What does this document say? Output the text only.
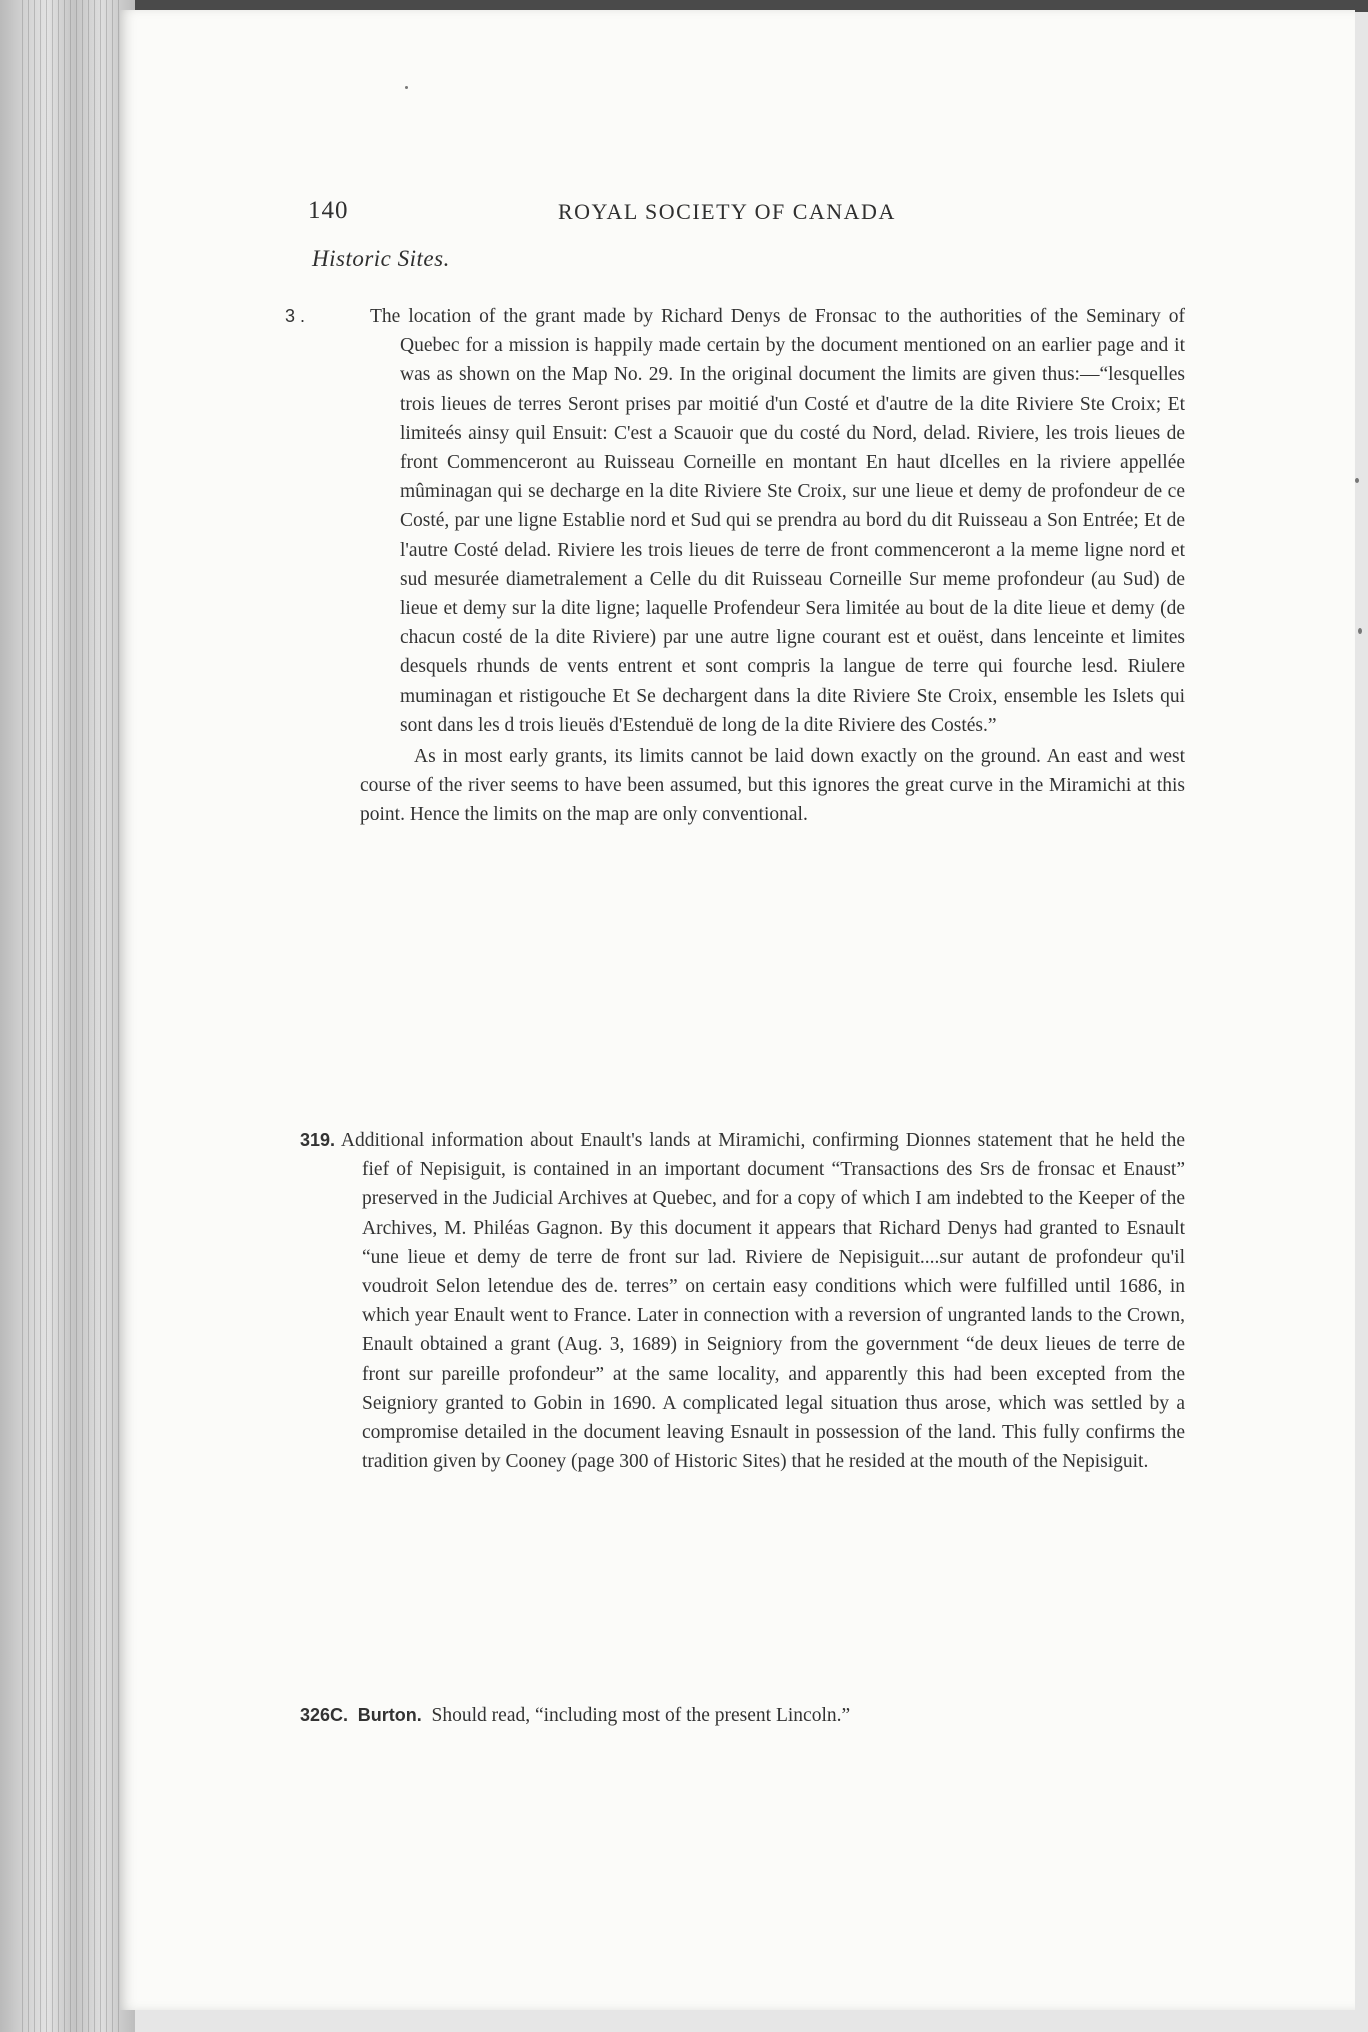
140	ROYAL SOCIETY OF CANADA
Historic Sites.

The location of the grant made by Richard Denys de Fronsac to the authorities of the Seminary of Quebec for a mission is happily made certain by the document mentioned on an earlier page and it was as shown on the Map No. 29. In the original document the limits are given thus:—“lesquelles trois lieues de terres Seront prises par moitié d'un Costé et d'autre de la dite Riviere Ste Croix; Et limiteés ainsy quil Ensuit: C'est a Scauoir que du costé du Nord, delad. Riviere, les trois lieues de front Commenceront au Ruisseau Corneille en montant En haut dIcelles en la riviere appellée mûminagan qui se decharge en la dite Riviere Ste Croix, sur une lieue et demy de profondeur de ce Costé, par une ligne Establie nord et Sud qui se prendra au bord du dit Ruisseau a Son Entrée; Et de l'autre Costé delad. Riviere les trois lieues de terre de front commenceront a la meme ligne nord et sud mesurée diametralement a Celle du dit Ruisseau Corneille Sur meme profondeur (au Sud) de lieue et demy sur la dite ligne; laquelle Profendeur Sera limitée au bout de la dite lieue et demy (de chacun costé de la dite Riviere) par une autre ligne courant est et ouëst, dans lenceinte et limites desquels rhunds de vents entrent et sont compris la langue de terre qui fourche lesd. Riulere muminagan et ristigouche Et Se dechargent dans la dite Riviere Ste Croix, ensemble les Islets qui sont dans les d trois lieuës d'Estenduë de long de la dite Riviere des Costés.”

As in most early grants, its limits cannot be laid down exactly on the ground. An east and west course of the river seems to have been assumed, but this ignores the great curve in the Miramichi at this point. Hence the limits on the map are only conventional.

319. Additional information about Enault's lands at Miramichi, confirming Dionnes statement that he held the fief of Nepisiguit, is contained in an important document “Transactions des Srs de fronsac et Enaust” preserved in the Judicial Archives at Quebec, and for a copy of which I am indebted to the Keeper of the Archives, M. Philéas Gagnon. By this document it appears that Richard Denys had granted to Esnault “une lieue et demy de terre de front sur lad. Riviere de Nepisiguit....sur autant de profondeur qu'il voudroit Selon letendue des de. terres” on certain easy conditions which were fulfilled until 1686, in which year Enault went to France. Later in connection with a reversion of ungranted lands to the Crown, Enault obtained a grant (Aug. 3, 1689) in Seigniory from the government “de deux lieues de terre de front sur pareille profondeur” at the same locality, and apparently this had been excepted from the Seigniory granted to Gobin in 1690. A complicated legal situation thus arose, which was settled by a compromise detailed in the document leaving Esnault in possession of the land. This fully confirms the tradition given by Cooney (page 300 of Historic Sites) that he resided at the mouth of the Nepisiguit.

326C. Burton. Should read, “including most of the present Lincoln.”
